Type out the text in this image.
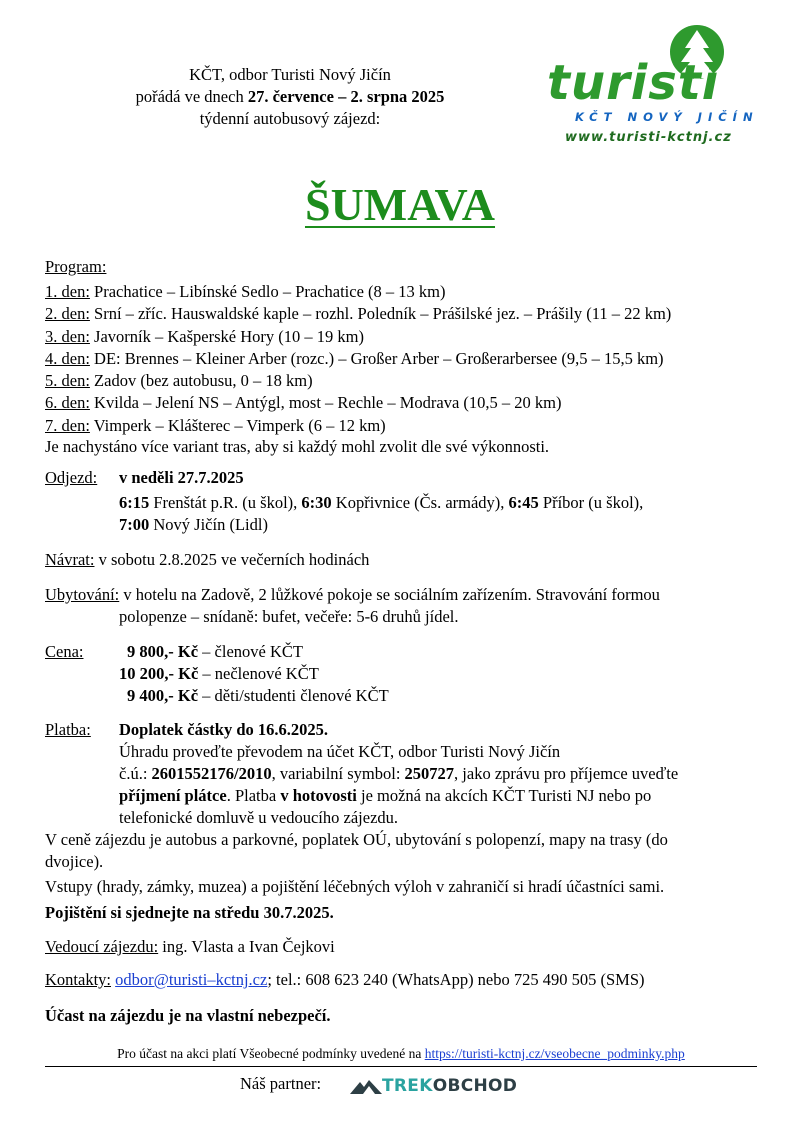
KČT, odbor Turisti Nový Jičín
pořádá ve dnech 27. července – 2. srpna 2025
týdenní autobusový zájezd:
turisti
KČT NOVÝ JIČÍN
www.turisti-kctnj.cz
ŠUMAVA
Program:
1. den: Prachatice – Libínské Sedlo – Prachatice (8 – 13 km)
2. den: Srní – zříc. Hauswaldské kaple – rozhl. Poledník – Prášilské jez. – Prášily (11 – 22 km)
3. den: Javorník – Kašperské Hory (10 – 19 km)
4. den: DE: Brennes – Kleiner Arber (rozc.) – Großer Arber – Großerarbersee (9,5 – 15,5 km)
5. den: Zadov (bez autobusu, 0 – 18 km)
6. den: Kvilda – Jelení NS – Antýgl, most – Rechle – Modrava (10,5 – 20 km)
7. den: Vimperk – Klášterec – Vimperk (6 – 12 km)
Je nachystáno více variant tras, aby si každý mohl zvolit dle své výkonnosti.
Odjezd: v neděli 27.7.2025
6:15 Frenštát p.R. (u škol), 6:30 Kopřivnice (Čs. armády), 6:45 Příbor (u škol),
7:00 Nový Jičín (Lidl)
Návrat: v sobotu 2.8.2025 ve večerních hodinách
Ubytování: v hotelu na Zadově, 2 lůžkové pokoje se sociálním zařízením. Stravování formou
polopenze – snídaně: bufet, večeře: 5-6 druhů jídel.
Cena:	9 800,- Kč – členové KČT
10 200,- Kč – nečlenové KČT
9 400,- Kč – děti/studenti členové KČT
Platba: Doplatek částky do 16.6.2025.
Úhradu proveďte převodem na účet KČT, odbor Turisti Nový Jičín
č.ú.: 2601552176/2010, variabilní symbol: 250727, jako zprávu pro příjemce uveďte
příjmení plátce. Platba v hotovosti je možná na akcích KČT Turisti NJ nebo po
telefonické domluvě u vedoucího zájezdu.
V ceně zájezdu je autobus a parkovné, poplatek OÚ, ubytování s polopenzí, mapy na trasy (do
dvojice).
Vstupy (hrady, zámky, muzea) a pojištění léčebných výloh v zahraničí si hradí účastníci sami.
Pojištění si sjednejte na středu 30.7.2025.
Vedoucí zájezdu: ing. Vlasta a Ivan Čejkovi
Kontakty: odbor@turisti–kctnj.cz; tel.: 608 623 240 (WhatsApp) nebo 725 490 505 (SMS)
Účast na zájezdu je na vlastní nebezpečí.
Pro účast na akci platí Všeobecné podmínky uvedené na https://turisti-kctnj.cz/vseobecne_podminky.php
Náš partner:	TREK OBCHOD
